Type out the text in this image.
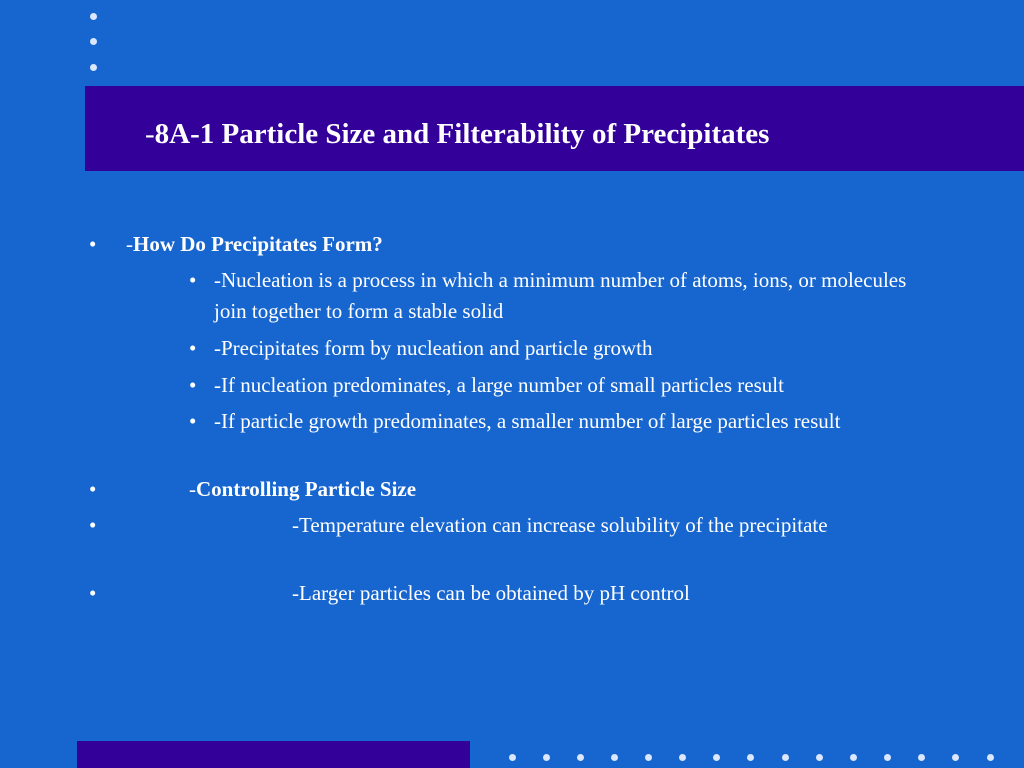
-8A-1 Particle Size and Filterability of Precipitates
• -How Do Precipitates Form?

• -Nucleation is a process in which a minimum number of atoms, ions, or molecules join together to form a stable solid

• -Precipitates form by nucleation and particle growth

• -If nucleation predominates, a large number of small particles result

• -If particle growth predominates, a smaller number of large particles result

•	-Controlling Particle Size

•	-Temperature elevation can increase solubility of the precipitate

•	-Larger particles can be obtained by pH control
